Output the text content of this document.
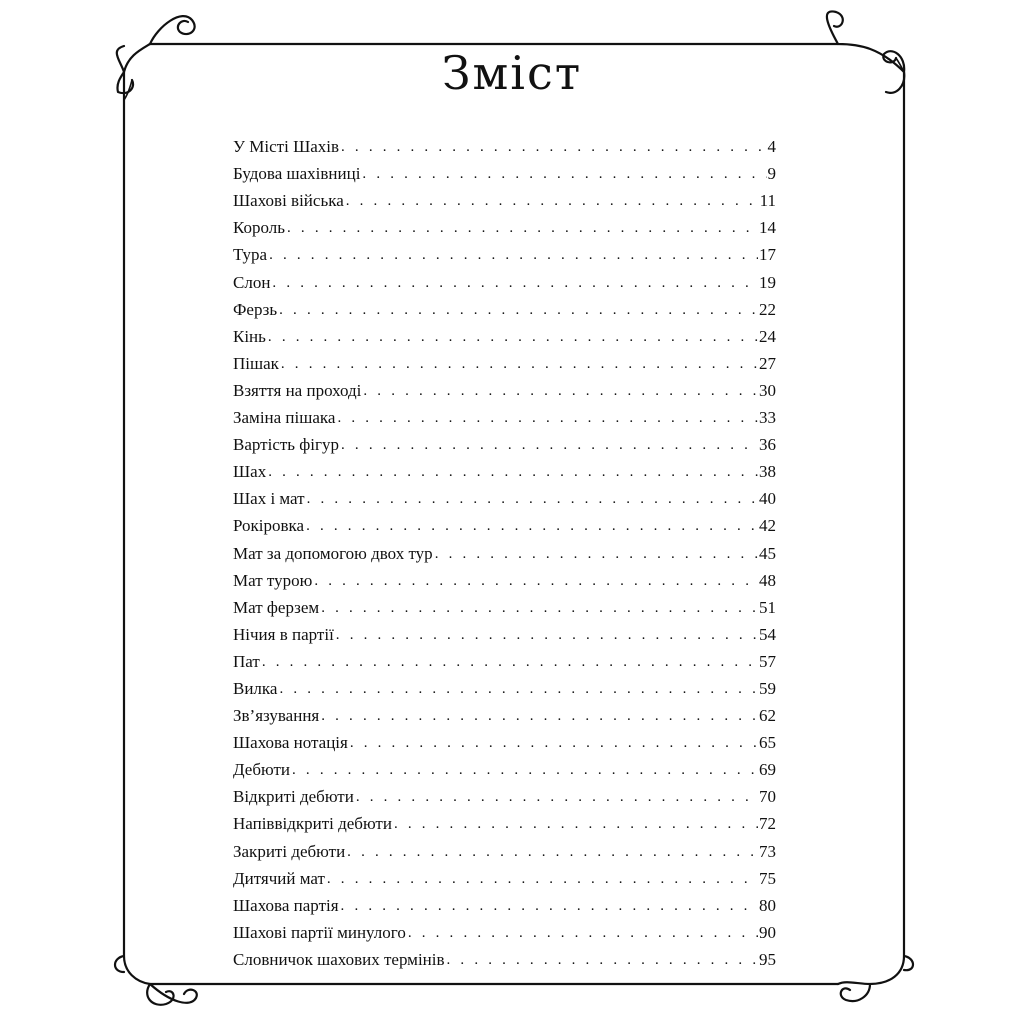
Зміст
У Місті Шахів . . .	4
Будова шахівниці . . .	9
Шахові війська . . .	11
Король . . .	14
Тура . . .	17
Слон . . .	19
Ферзь . . .	22
Кінь . . .	24
Пішак . . .	27
Взяття на проході . . .	30
Заміна пішака . . .	33
Вартість фігур . . .	36
Шах . . .	38
Шах і мат . . .	40
Рокіровка . . .	42
Мат за допомогою двох тур . . .	45
Мат турою . . .	48
Мат ферзем . . .	51
Нічия в партії . . .	54
Пат . . .	57
Вилка . . .	59
Зв’язування . . .	62
Шахова нотація . . .	65
Дебюти . . .	69
Відкриті дебюти . . .	70
Напіввідкриті дебюти . . .	72
Закриті дебюти . . .	73
Дитячий мат . . .	75
Шахова партія . . .	80
Шахові партії минулого . . .	90
Словничок шахових термінів . . .	95
